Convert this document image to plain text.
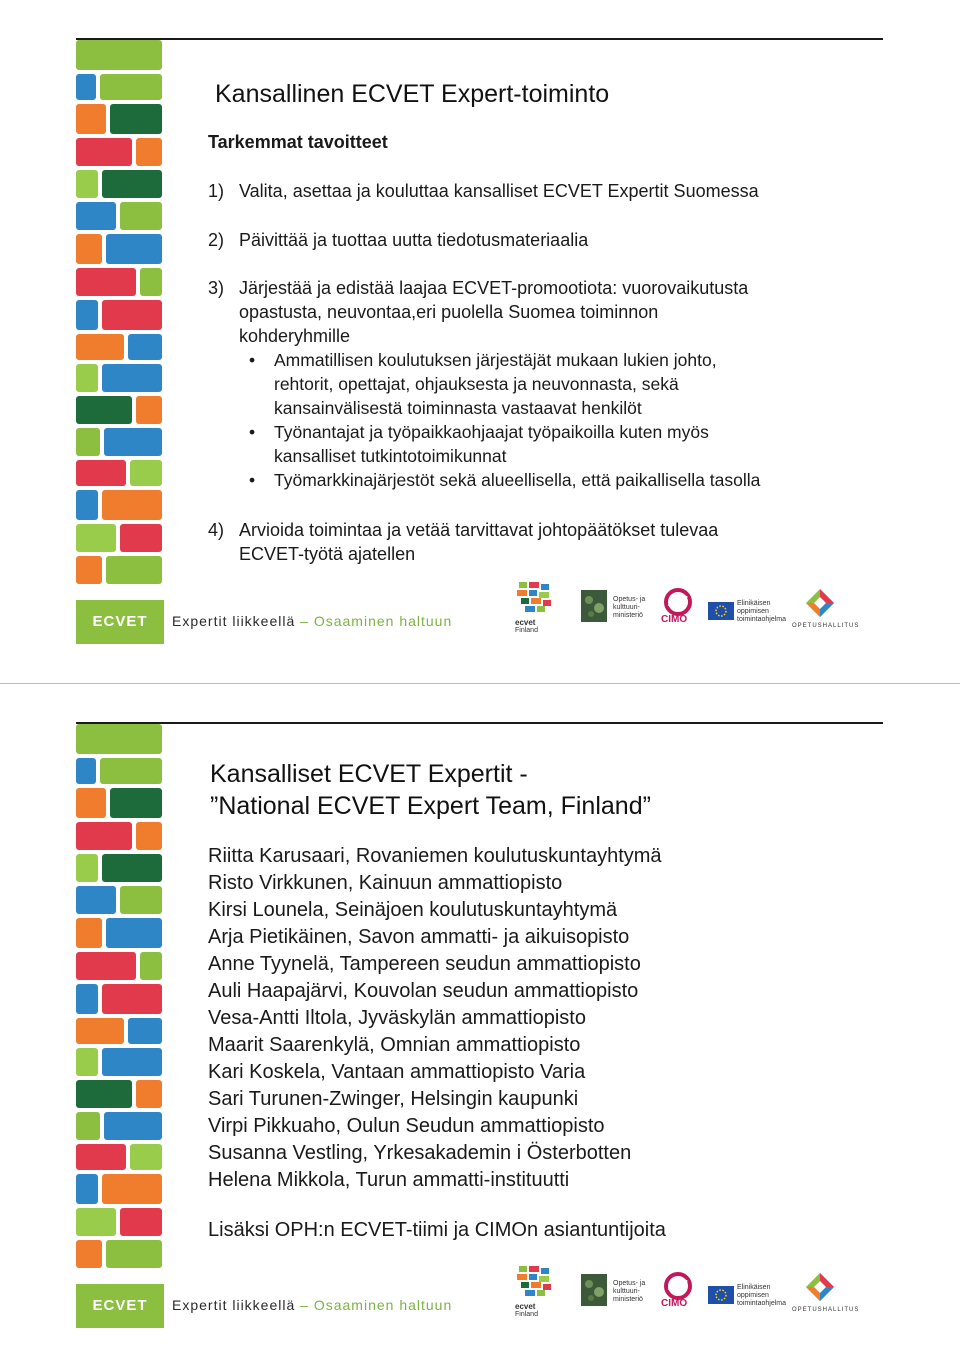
Kansallinen ECVET Expert-toiminto
Tarkemmat tavoitteet
1) Valita, asettaa ja kouluttaa kansalliset ECVET Expertit Suomessa
2) Päivittää ja tuottaa uutta tiedotusmateriaalia
3) Järjestää ja edistää laajaa ECVET-promootiota: vuorovaikutusta
opastusta, neuvontaa,eri puolella Suomea toiminnon
kohderyhmille
• Ammatillisen koulutuksen järjestäjät mukaan lukien johto,
rehtorit, opettajat, ohjauksesta ja neuvonnasta, sekä
kansainvälisestä toiminnasta vastaavat henkilöt
• Työnantajat ja työpaikkaohjaajat työpaikoilla kuten myös
kansalliset tutkintotoimikunnat
• Työmarkkinajärjestöt sekä alueellisella, että paikallisella tasolla
4) Arvioida toimintaa ja vetää tarvittavat johtopäätökset tulevaa
ECVET-työtä ajatellen
ECVET	Expertit liikkeellä – Osaaminen haltuun	ecvet
Finland
Opetus- ja kulttuuri- ministeriö	CIMO
Elinikäisen oppimisen toimintaohjelma
OPETUSHALLITUS
Kansalliset ECVET Expertit -
”National ECVET Expert Team, Finland”
Riitta Karusaari, Rovaniemen koulutuskuntayhtymä
Risto Virkkunen, Kainuun ammattiopisto
Kirsi Lounela, Seinäjoen koulutuskuntayhtymä
Arja Pietikäinen, Savon ammatti- ja aikuisopisto
Anne Tyynelä, Tampereen seudun ammattiopisto
Auli Haapajärvi, Kouvolan seudun ammattiopisto
Vesa-Antti Iltola, Jyväskylän ammattiopisto
Maarit Saarenkylä, Omnian ammattiopisto
Kari Koskela, Vantaan ammattiopisto Varia
Sari Turunen-Zwinger, Helsingin kaupunki
Virpi Pikkuaho, Oulun Seudun ammattiopisto
Susanna Vestling, Yrkesakademin i Österbotten
Helena Mikkola, Turun ammatti-instituutti
Lisäksi OPH:n ECVET-tiimi ja CIMOn asiantuntijoita
ECVET	Expertit liikkeellä – Osaaminen haltuun	ecvet
Finland
Opetus- ja kulttuuri- ministeriö	CIMO
Elinikäisen oppimisen toimintaohjelma
OPETUSHALLITUS
